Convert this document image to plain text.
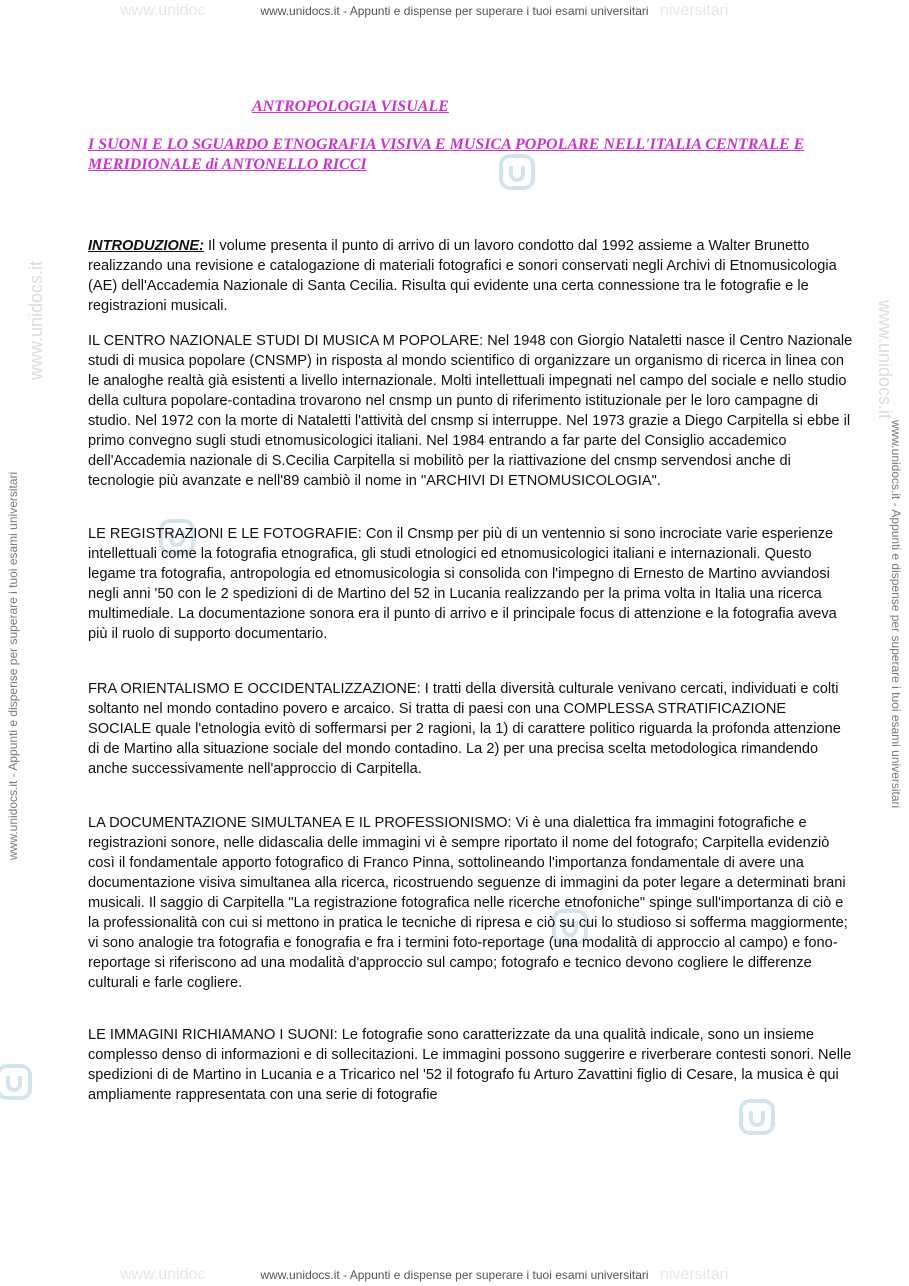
www.unidoc	niversitari
www.unidoc	niversitari
www.unidocs.it - Appunti e dispense per superare i tuoi esami universitari
www.unidocs.it - Appunti e dispense per superare i tuoi esami universitari
www.unidocs.it	www.unidocs.it
www.unidocs.it - Appunti e dispense per superare i tuoi esami universitari	www.unidocs.it - Appunti e dispense per superare i tuoi esami universitari
ANTROPOLOGIA VISUALE
I SUONI E LO SGUARDO ETNOGRAFIA VISIVA E MUSICA POPOLARE NELL'ITALIA CENTRALE E MERIDIONALE di ANTONELLO RICCI

INTRODUZIONE: Il volume presenta il punto di arrivo di un lavoro condotto dal 1992 assieme a Walter Brunetto realizzando una revisione e catalogazione di materiali fotografici e sonori conservati negli Archivi di Etnomusicologia (AE) dell'Accademia Nazionale di Santa Cecilia. Risulta qui evidente una certa connessione tra le fotografie e le registrazioni musicali.

IL CENTRO NAZIONALE STUDI DI MUSICA M POPOLARE: Nel 1948 con Giorgio Nataletti nasce il Centro Nazionale studi di musica popolare (CNSMP) in risposta al mondo scientifico di organizzare un organismo di ricerca in linea con le analoghe realtà già esistenti a livello internazionale. Molti intellettuali impegnati nel campo del sociale e nello studio della cultura popolare-contadina trovarono nel cnsmp un punto di riferimento istituzionale per le loro campagne di studio. Nel 1972 con la morte di Nataletti l'attività del cnsmp si interruppe. Nel 1973 grazie a Diego Carpitella si ebbe il primo convegno sugli studi etnomusicologici italiani. Nel 1984 entrando a far parte del Consiglio accademico dell'Accademia nazionale di S.Cecilia Carpitella si mobilitò per la riattivazione del cnsmp servendosi anche di tecnologie più avanzate e nell'89 cambiò il nome in "ARCHIVI DI ETNOMUSICOLOGIA".

LE REGISTRAZIONI E LE FOTOGRAFIE: Con il Cnsmp per più di un ventennio si sono incrociate varie esperienze intellettuali come la fotografia etnografica, gli studi etnologici ed etnomusicologici italiani e internazionali. Questo legame tra fotografia, antropologia ed etnomusicologia si consolida con l'impegno di Ernesto de Martino avviandosi negli anni '50 con le 2 spedizioni di de Martino del 52 in Lucania realizzando per la prima volta in Italia una ricerca multimediale. La documentazione sonora era il punto di arrivo e il principale focus di attenzione e la fotografia aveva più il ruolo di supporto documentario.

FRA ORIENTALISMO E OCCIDENTALIZZAZIONE: I tratti della diversità culturale venivano cercati, individuati e colti soltanto nel mondo contadino povero e arcaico. Si tratta di paesi con una COMPLESSA STRATIFICAZIONE SOCIALE quale l'etnologia evitò di soffermarsi per 2 ragioni, la 1) di carattere politico riguarda la profonda attenzione di de Martino alla situazione sociale del mondo contadino. La 2) per una precisa scelta metodologica rimandendo anche successivamente nell'approccio di Carpitella.

LA DOCUMENTAZIONE SIMULTANEA E IL PROFESSIONISMO: Vi è una dialettica fra immagini fotografiche e registrazioni sonore, nelle didascalia delle immagini vi è sempre riportato il nome del fotografo; Carpitella evidenziò così il fondamentale apporto fotografico di Franco Pinna, sottolineando l'importanza fondamentale di avere una documentazione visiva simultanea alla ricerca, ricostruendo seguenze di immagini da poter legare a determinati brani musicali. Il saggio di Carpitella "La registrazione fotografica nelle ricerche etnofoniche" spinge sull'importanza di ciò e la professionalità con cui si mettono in pratica le tecniche di ripresa e ciò su cui lo studioso si sofferma maggiormente; vi sono analogie tra fotografia e fonografia e fra i termini foto-reportage (una modalità di approccio al campo) e fono-reportage si riferiscono ad una modalità d'approccio sul campo; fotografo e tecnico devono cogliere le differenze culturali e farle cogliere.

LE IMMAGINI RICHIAMANO I SUONI: Le fotografie sono caratterizzate da una qualità indicale, sono un insieme complesso denso di informazioni e di sollecitazioni. Le immagini possono suggerire e riverberare contesti sonori. Nelle spedizioni di de Martino in Lucania e a Tricarico nel '52 il fotografo fu Arturo Zavattini figlio di Cesare, la musica è qui ampliamente rappresentata con una serie di fotografie
